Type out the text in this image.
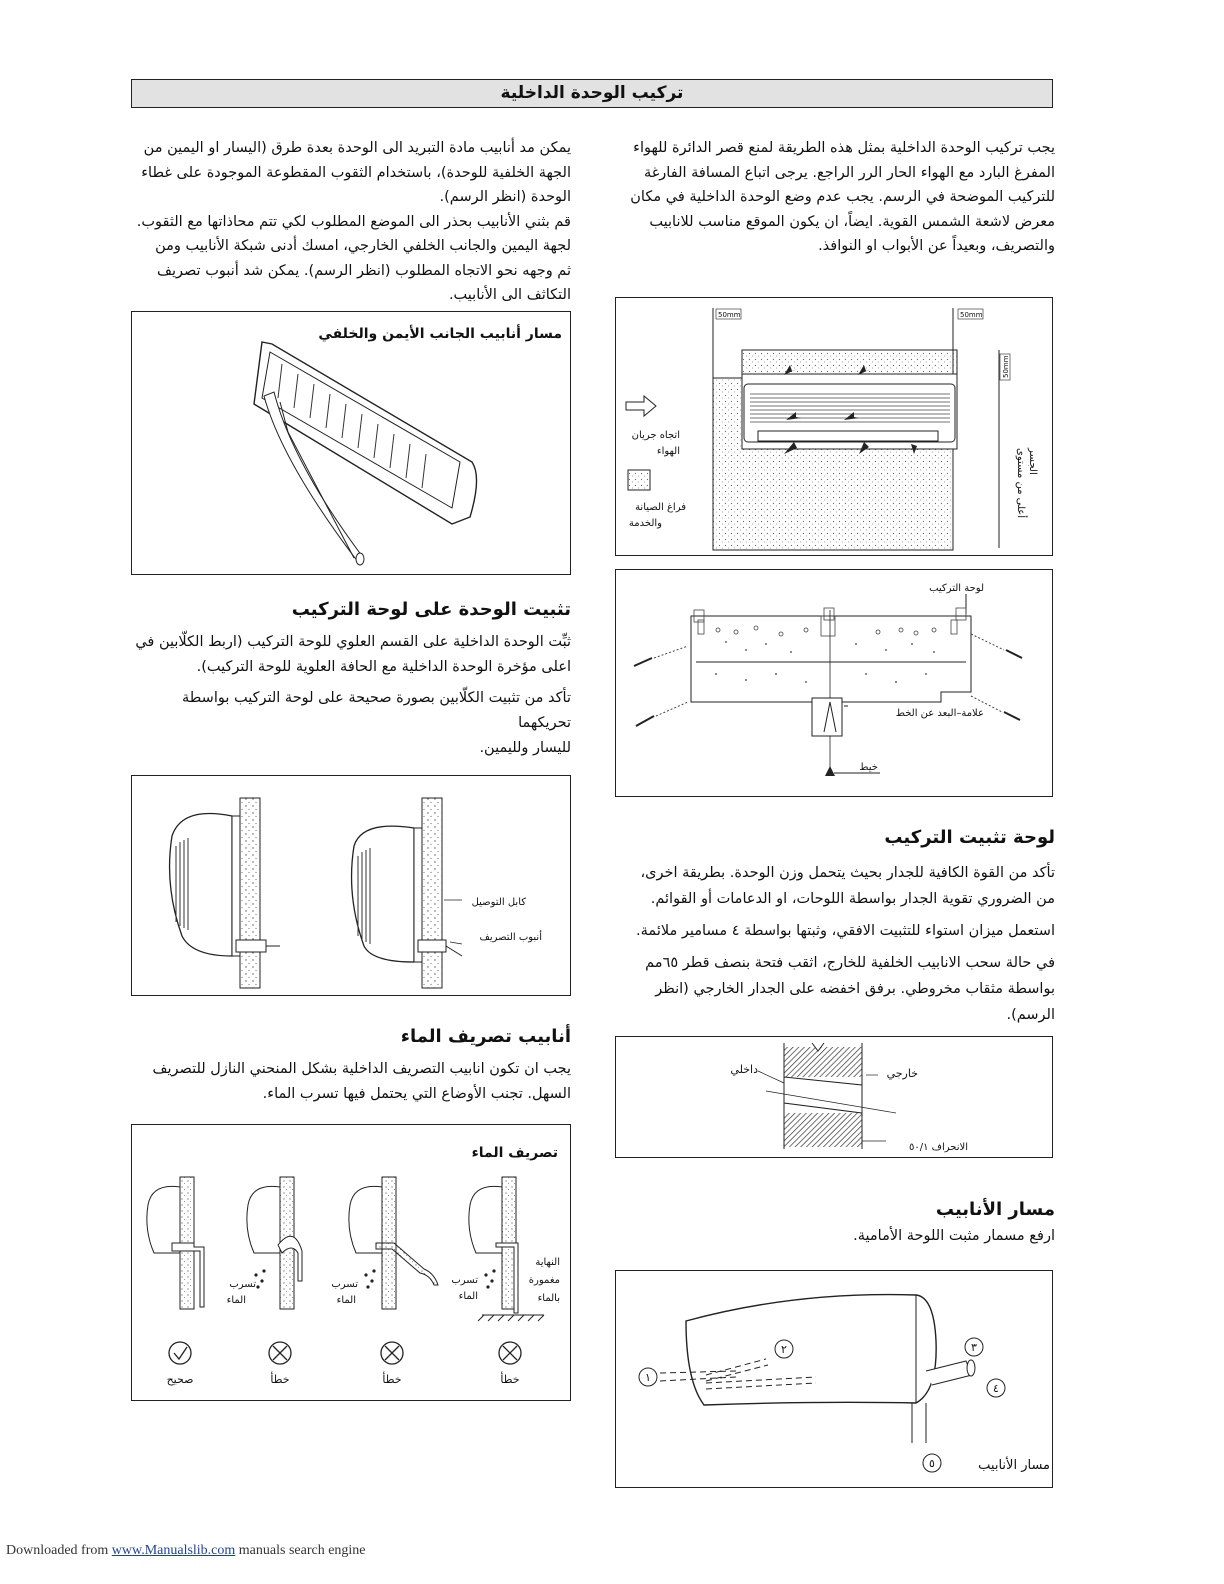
تركيب الوحدة الداخلية

يجب تركيب الوحدة الداخلية بمثل هذه الطريقة لمنع قصر الدائرة للهواء

المفرغ البارد مع الهواء الحار الرر الراجع. يرجى اتباع المسافة الفارغة

للتركيب الموضحة في الرسم. يجب عدم وضع الوحدة الداخلية في مكان

معرض لاشعة الشمس القوية. ايضاً، ان يكون الموقع مناسب للانابيب

والتصريف، وبعيداً عن الأبواب او النوافذ.

50mm	50mm
50mm
أعلى من مستوى الجسر
اتجاه جريان
الهواء
فراغ الصيانة
والخدمة
لوحة التركيب
علامة–البعد عن الخط
خيط
لوحة تثبيت التركيب

تأكد من القوة الكافية للجدار بحيث يتحمل وزن الوحدة. بطريقة اخرى،

من الضروري تقوية الجدار بواسطة اللوحات، او الدعامات أو القوائم.

استعمل ميزان استواء للتثبيت الافقي، وثبتها بواسطة ٤ مسامير ملائمة.

في حالة سحب الانابيب الخلفية للخارج، اثقب فتحة بنصف قطر ٦٥مم

بواسطة مثقاب مخروطي. برفق اخفضه على الجدار الخارجي (انظر

الرسم).

داخلي	خارجي
الانحراف ٥٠/١
مسار الأنابيب

ارفع مسمار مثبت اللوحة الأمامية.

١
٢	٣
٤
٥	مسار الأنابيب

يمكن مد أنابيب مادة التبريد الى الوحدة بعدة طرق (اليسار او اليمين من

الجهة الخلفية للوحدة)، باستخدام الثقوب المقطوعة الموجودة على غطاء

الوحدة (انظر الرسم).

قم بثني الأنابيب بحذر الى الموضع المطلوب لكي تتم محاذاتها مع الثقوب.

لجهة اليمين والجانب الخلفي الخارجي، امسك أدنى شبكة الأنابيب ومن

ثم وجهه نحو الاتجاه المطلوب (انظر الرسم). يمكن شد أنبوب تصريف

التكاثف الى الأنابيب.

مسار أنابيب الجانب الأيمن والخلفي
تثبيت الوحدة على لوحة التركيب

ثبِّت الوحدة الداخلية على القسم العلوي للوحة التركيب (اربط الكلّابين في

اعلى مؤخرة الوحدة الداخلية مع الحافة العلوية للوحة التركيب).

تأكد من تثبيت الكلّابين بصورة صحيحة على لوحة التركيب بواسطة تحريكهما

لليسار ولليمين.

كابل التوصيل
أنبوب التصريف
أنابيب تصريف الماء

يجب ان تكون انابيب التصريف الداخلية بشكل المنحني النازل للتصريف

السهل. تجنب الأوضاع التي يحتمل فيها تسرب الماء.

تصريف الماء
تسرب
الماء
تسرب
الماء
تسرب
الماء
النهاية
مغمورة
بالماء
صحيح	خطأ	خطأ	خطأ
Downloaded from www.Manualslib.com manuals search engine
